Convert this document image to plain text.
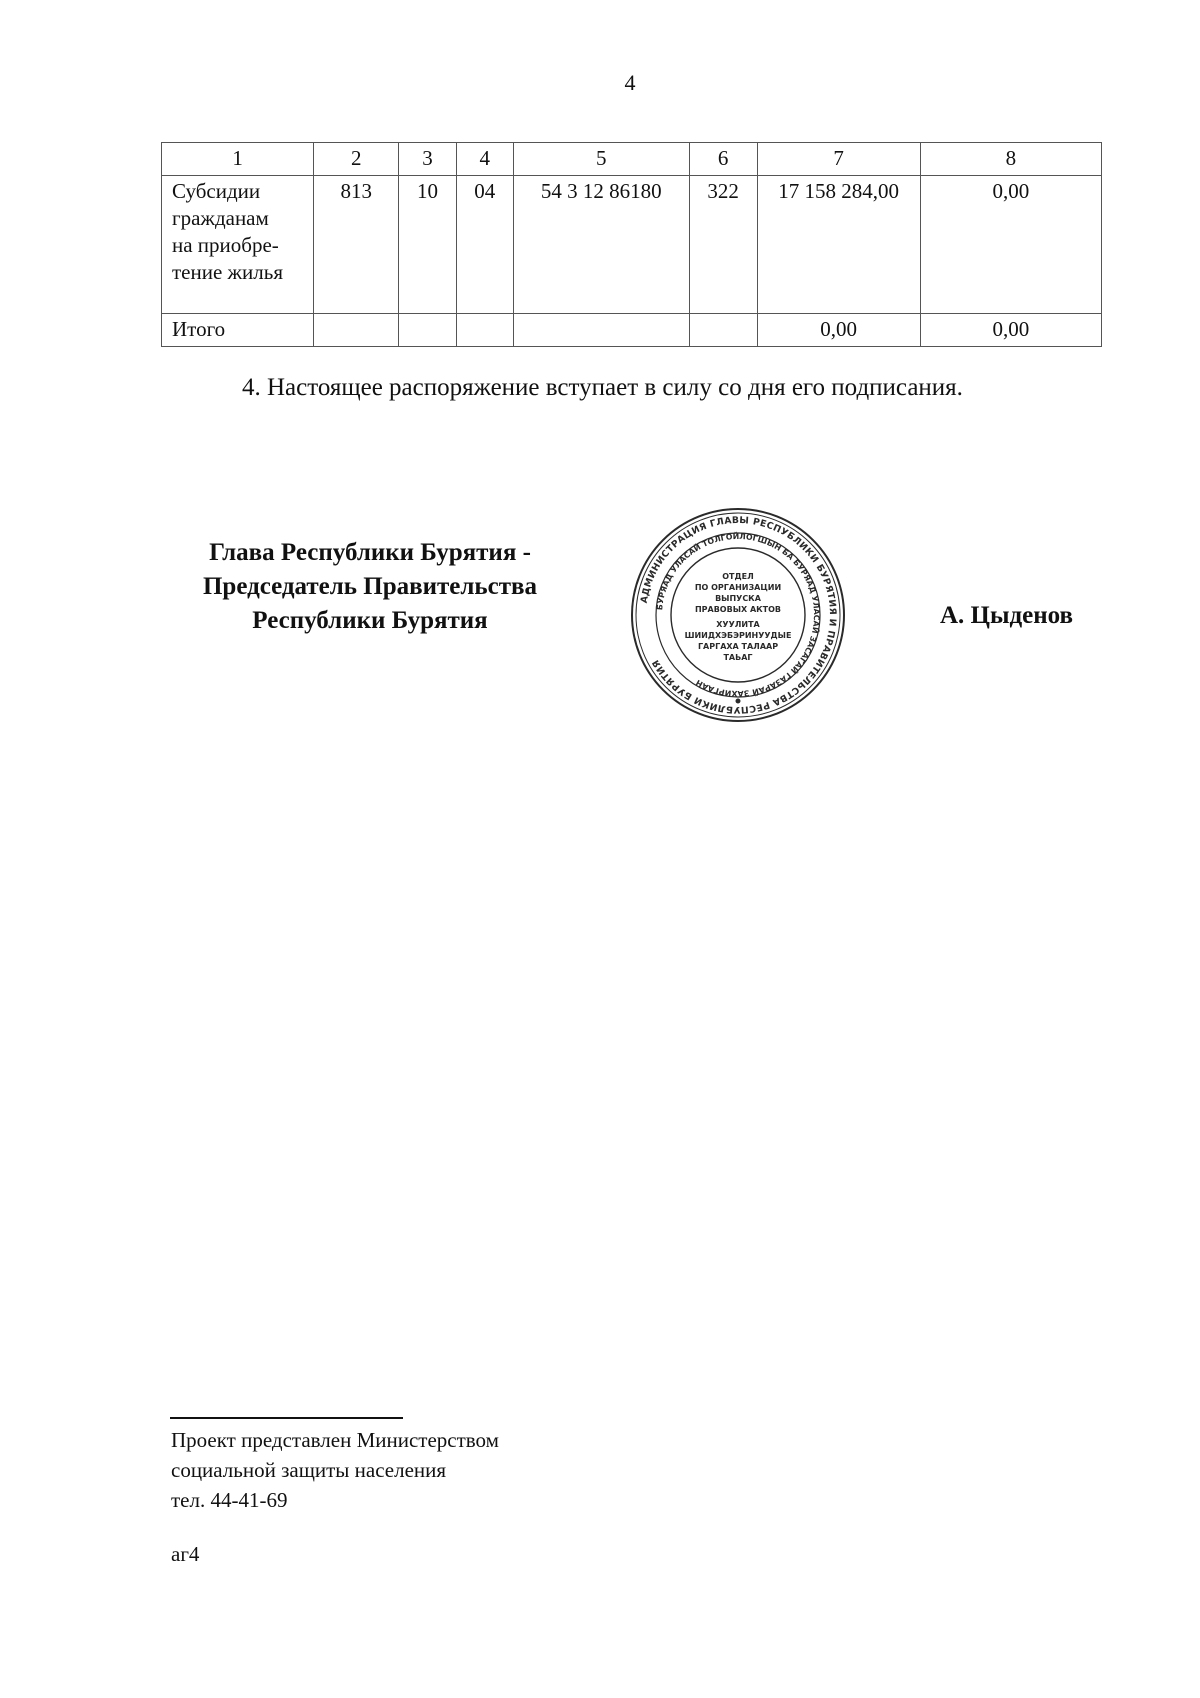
4
1	2	3	4	5	6	7	8

Субсидии
гражданам
на приобре-
тение жилья	813	10	04	54 3 12 86180	322	17 158 284,00	0,00
Итого						0,00	0,00
4. Настоящее распоряжение вступает в силу со дня его подписания.
Глава Республики Бурятия -
Председатель Правительства
Республики Бурятия
АДМИНИСТРАЦИЯ ГЛАВЫ РЕСПУБЛИКИ БУРЯТИЯ И ПРАВИТЕЛЬСТВА РЕСПУБЛИКИ БУРЯТИЯ
БУРЯАД УЛАСАЙ ТОЛГОЙЛОГШЫН БА БУРЯАД УЛАСАЙ ЗАСАГАЙ ГАЗАРАЙ ЗАХИРГААН
ОТДЕЛ
ПО ОРГАНИЗАЦИИ
ВЫПУСКА
ПРАВОВЫХ АКТОВ
ХУУЛИТА
ШИИДХЭБЭРИНУУДЫЕ
ГАРГАХА ТАЛААР
ТАЬАГ
А. Цыденов
Проект представлен Министерством
социальной защиты населения
тел. 44-41-69
аг4
